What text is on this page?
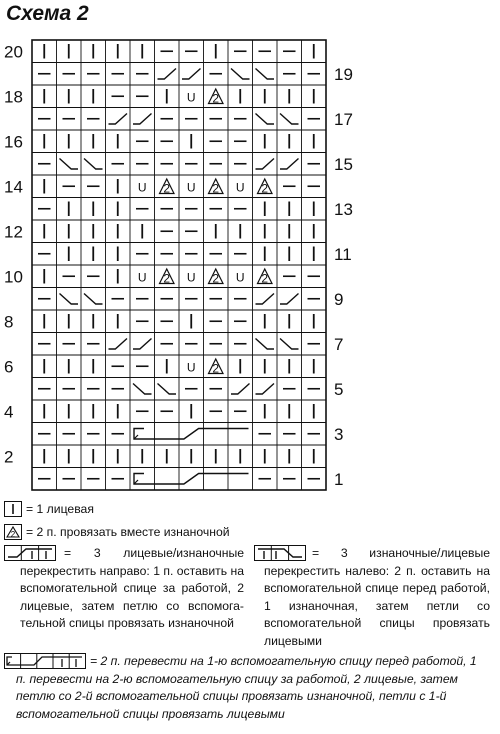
Схема 2
U 2
U 2 U 2 U 2
U 2 U 2 U 2
U 2
20
18
16
14
12
10
8
6
4
2
19
17
15
13
11
9
7
5
3
1
= 1 лицевая
2 = 2 п. провязать вместе изнаночной
= 3 лицевые/изнаночные перекрестить направо: 1 п. оставить на вспомогательной спице за работой, 2 лицевые, затем петлю со вспомога- тельной спицы провязать изнаночной
= 3 изнаночные/лицевые перекрестить налево: 2 п. оставить на вспомогательной спице перед работой, 1 изнаночная, затем петли со вспомогательной спицы провязать лицевыми
= 2 п. перевести на 1-ю вспомогательную спицу перед работой, 1 п. перевести на 2-ю вспомогательную спицу за работой, 2 лицевые, затем петлю со 2-й вспомогательной спицы провязать изнаночной, петли с 1-й вспомогательной спицы провязать лицевыми
